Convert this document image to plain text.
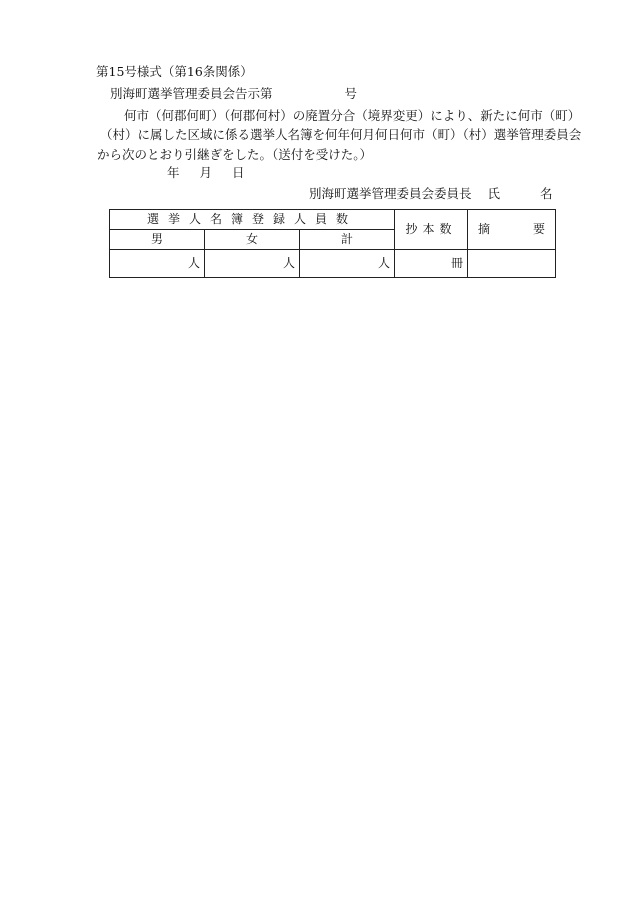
第15号様式（第16条関係）
別海町選挙管理委員会告示第	号
何市（何郡何町）（何郡何村）の廃置分合（境界変更）により、新たに何市（町）
（村）に属した区域に係る選挙人名簿を何年何月何日何市（町）（村）選挙管理委員会
から次のとおり引継ぎをした。（送付を受けた。）
年 月 日
別海町選挙管理委員会委員長 氏	名
選挙人名簿登録人員数			抄本数	摘 要

男	女	計		
人	人	人	冊	
